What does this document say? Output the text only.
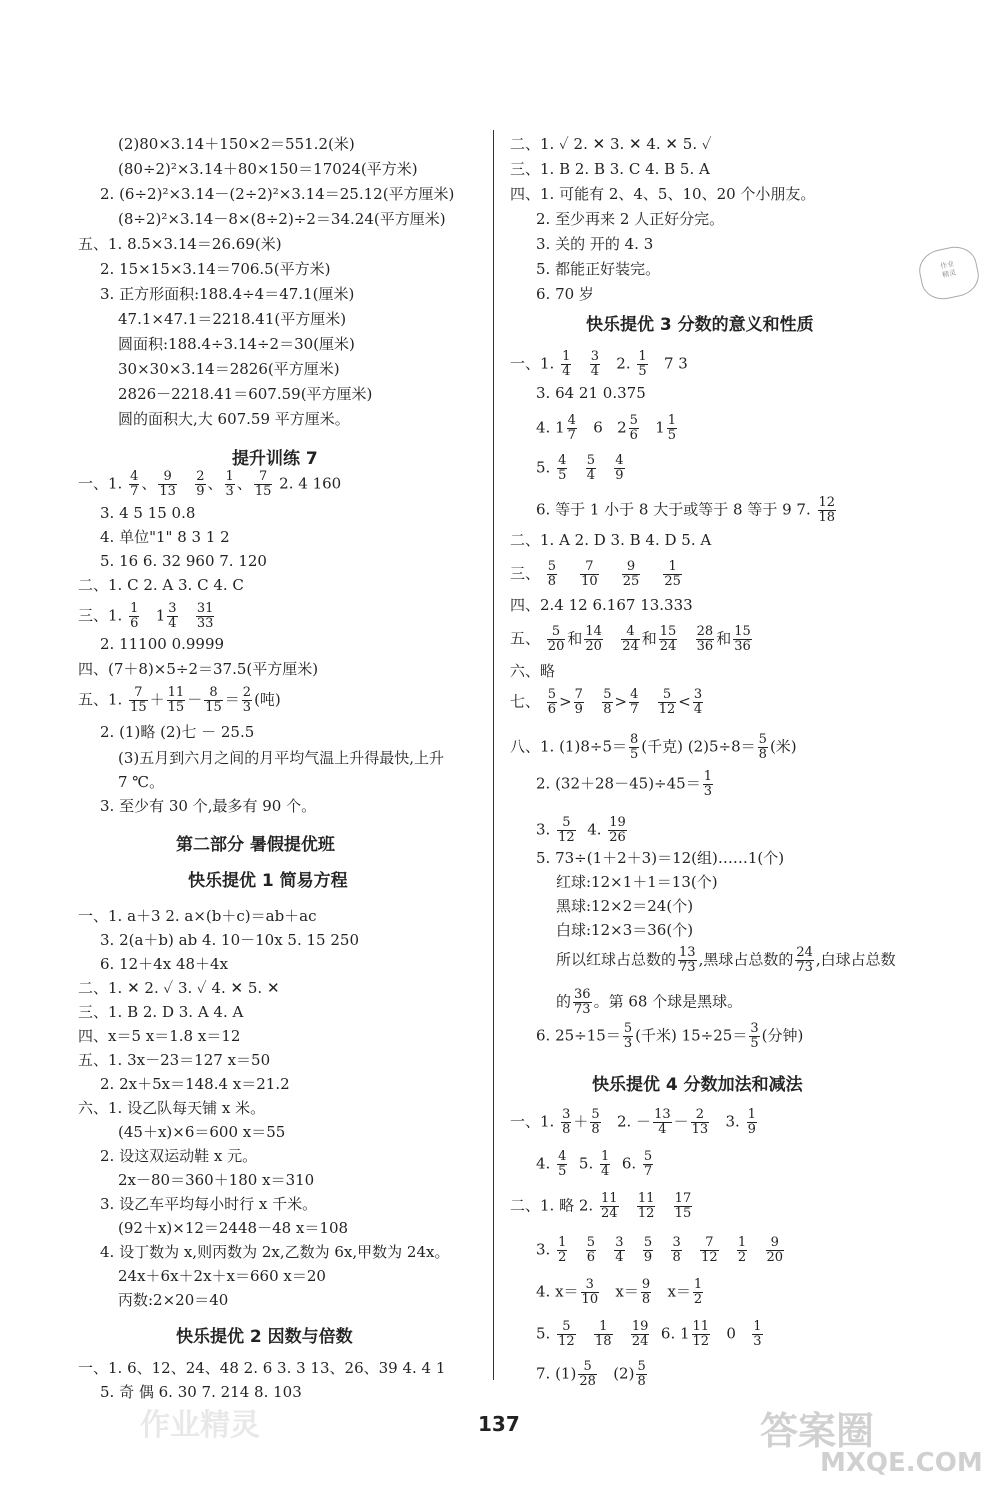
(2)80×3.14＋150×2＝551.2(米)
(80÷2)²×3.14＋80×150＝17024(平方米)
2. (6÷2)²×3.14－(2÷2)²×3.14＝25.12(平方厘米)
(8÷2)²×3.14－8×(8÷2)÷2＝34.24(平方厘米)
五、1. 8.5×3.14＝26.69(米)
2. 15×15×3.14＝706.5(平方米)
3. 正方形面积:188.4÷4＝47.1(厘米)
47.1×47.1＝2218.41(平方厘米)
圆面积:188.4÷3.14÷2＝30(厘米)
30×30×3.14＝2826(平方厘米)
2826－2218.41＝607.59(平方厘米)
圆的面积大,大 607.59 平方厘米。
提升训练 7
一、1. $\frac{4}{7}$ 、 $\frac{9}{13}$
$\frac{2}{9}$ 、 $\frac{1}{3}$ 、 $\frac{7}{15} 2$. 4 160
3. 4 5 15 0.8
4. 单位"1" 8 3 1 2
5. 16 6. 32 960 7. 120
二、1. C 2. A 3. C 4. C
三、1. $\frac{1}{6} 1 \frac{3}{4}$
$\frac{31}{33}$
2. 11100 0.9999
四、(7＋8)×5÷2＝37.5(平方厘米)
五、1. $\frac{7}{15} + \frac{11}{15} - \frac{8}{15} = \frac{2}{3}$ (吨)
2. (1)略 (2)七 － 25.5
(3)五月到六月之间的月平均气温上升得最快,上升
7 ℃。
3. 至少有 30 个,最多有 90 个。
第二部分 暑假提优班
快乐提优 1 简易方程
一、1. a＋3 2. a×(b＋c)＝ab＋ac
3. 2(a＋b) ab 4. 10－10x 5. 15 250
6. 12＋4x 48＋4x
二、1. ✕ 2. ✓ 3. ✓ 4. ✕ 5. ✕
三、1. B 2. D 3. A 4. A
四、x＝5 x＝1.8 x＝12
五、1. 3x－23＝127 x＝50
2. 2x＋5x＝148.4 x＝21.2
六、1. 设乙队每天铺 x 米。
(45＋x)×6＝600 x＝55
2. 设这双运动鞋 x 元。
2x－80＝360＋180 x＝310
3. 设乙车平均每小时行 x 千米。
(92＋x)×12＝2448－48 x＝108
4. 设丁数为 x,则丙数为 2x,乙数为 6x,甲数为 24x。
24x＋6x＋2x＋x＝660 x＝20
丙数:2×20＝40
快乐提优 2 因数与倍数
一、1. 6、12、24、48 2. 6 3. 3 13、26、39 4. 4 1
5. 奇 偶 6. 30 7. 214 8. 103
二、1. ✓ 2. ✕ 3. ✕ 4. ✕ 5. ✓
三、1. B 2. B 3. C 4. B 5. A
四、1. 可能有 2、4、5、10、20 个小朋友。
2. 至少再来 2 人正好分完。
3. 关的 开的 4. 3
5. 都能正好装完。
6. 70 岁
快乐提优 3 分数的意义和性质
一、1. $\frac{1}{4}$
$\frac{3}{4} 2$. $\frac{1}{5} 7$ 3
3. 64 21 0.375
4. $1 \frac{4}{7} 6$ $2 \frac{5}{6} 1 \frac{1}{5}$
5. $\frac{4}{5}$
$\frac{5}{4}$
$\frac{4}{9}$
6. 等于 1 小于 8 大于或等于 8 等于 9 7. $\frac{12}{18}$
二、1. A 2. D 3. B 4. D 5. A
三、 $\frac{5}{8}$
$\frac{7}{10}$
$\frac{9}{25}$
$\frac{1}{25}$
四、2.4 12 6.167 13.333
五、 $\frac{5}{20}$ 和 $\frac{14}{20}$
$\frac{4}{24}$ 和 $\frac{15}{24}$
$\frac{28}{36}$ 和 $\frac{15}{36}$
六、略
七、 $\frac{5}{6} > \frac{7}{9}$
$\frac{5}{8} > \frac{4}{7}$
$\frac{5}{12} < \frac{3}{4}$
八、1. $(1)8\div 5= \frac{8}{5}$ (千克) $(2)5\div 8= \frac{5}{8}$ (米)
2. $(32+28-45)\div 45= \frac{1}{3}$
3. $\frac{5}{12} 4$. $\frac{19}{26}$
5. 73÷(1＋2＋3)＝12(组)……1(个)
红球:12×1＋1＝13(个)
黑球:12×2＝24(个)
白球:12×3＝36(个)
所以红球占总数的 $\frac{13}{73}$ ,黑球占总数的 $\frac{24}{73}$ ,白球占总数
的 $\frac{36}{73}$ 。第 68 个球是黑球。
6. $25\div 15= \frac{5}{3}$ (千米) $15\div 25= \frac{3}{5}$ (分钟)
快乐提优 4 分数加法和减法
一、1. $\frac{3}{8} + \frac{5}{8} 2$. － $\frac{13}{4} - \frac{2}{13} 3$. $\frac{1}{9}$
4. $\frac{4}{5} 5$. $\frac{1}{4} 6$. $\frac{5}{7}$
二、1. 略 2. $\frac{11}{24}$
$\frac{11}{12}$
$\frac{17}{15}$
3. $\frac{1}{2}$
$\frac{5}{6}$
$\frac{3}{4}$
$\frac{5}{9}$
$\frac{3}{8}$
$\frac{7}{12}$
$\frac{1}{2}$
$\frac{9}{20}$
4. $x= \frac{3}{10} x= \frac{9}{8} x= \frac{1}{2}$
5. $\frac{5}{12}$
$\frac{1}{18}$
$\frac{19}{24} 6$. $1 \frac{11}{12} 0 \frac{1}{3}$
7. $(1) \frac{5}{28} (2) \frac{5}{8}$
作业
精灵
137
作业精灵	答案圈
MXQE.COM
